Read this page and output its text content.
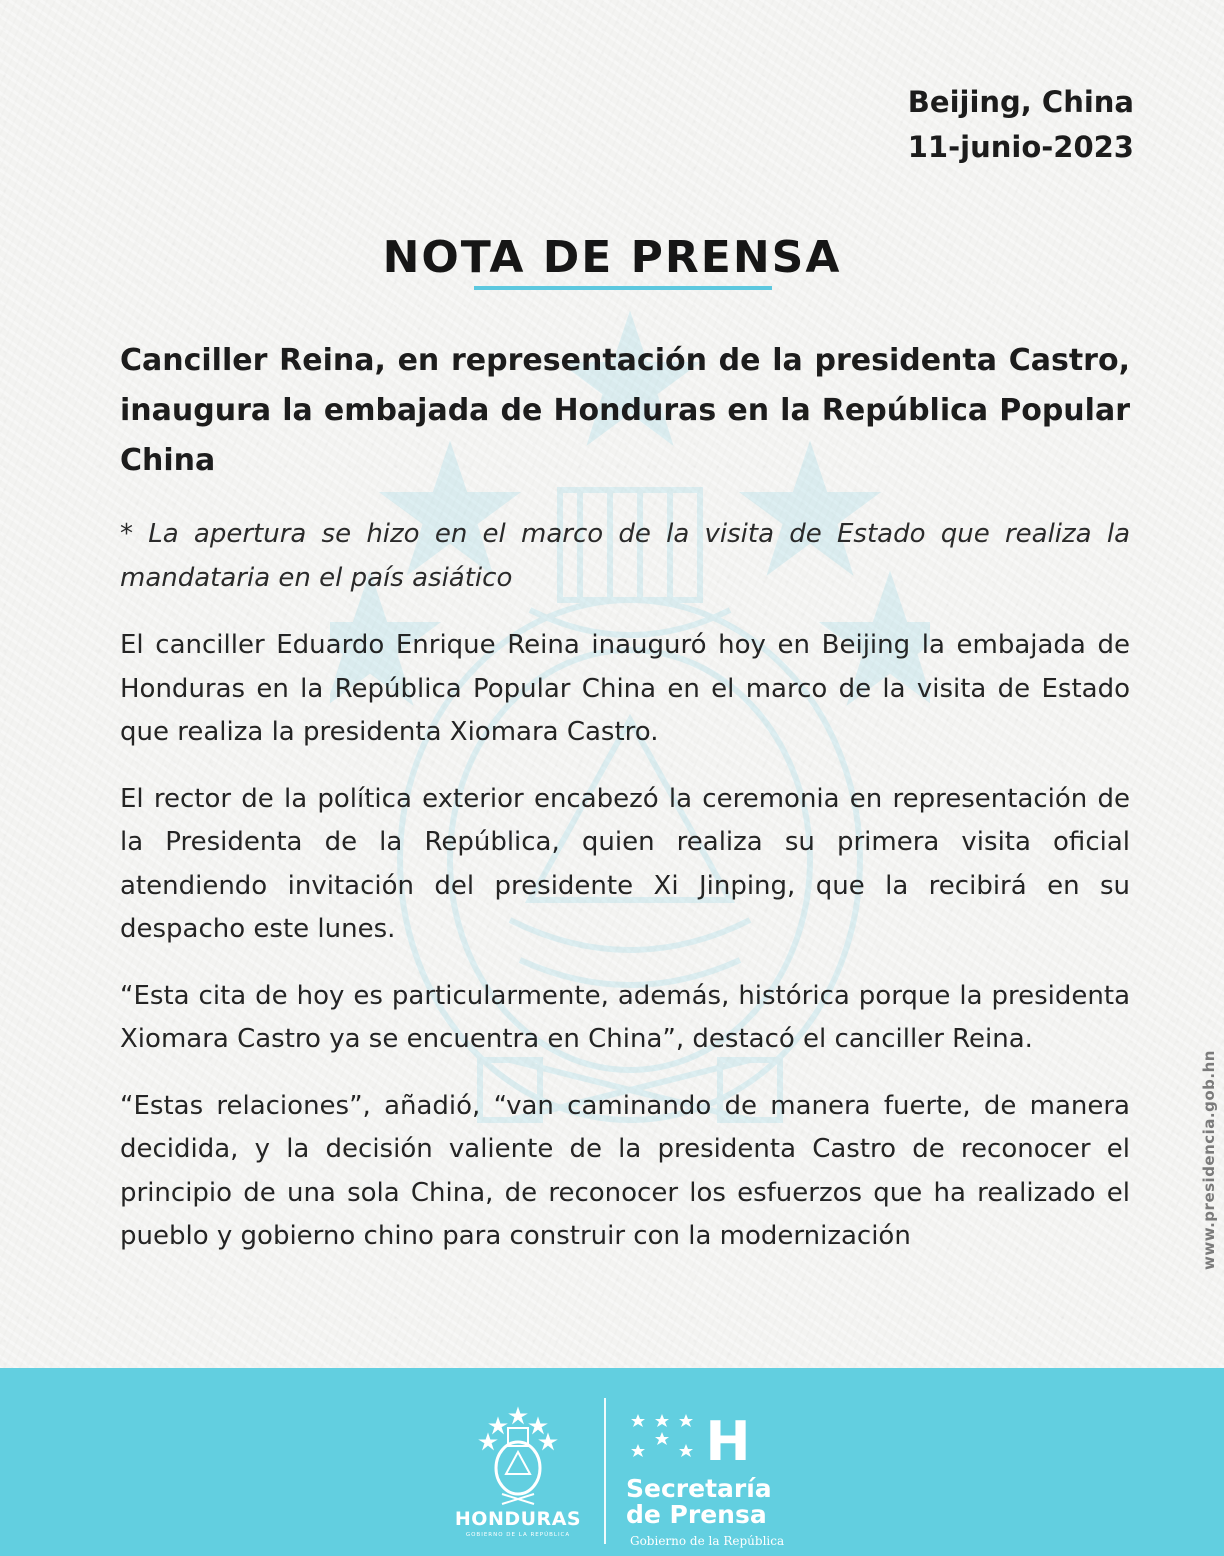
Beijing, China
11-junio-2023
NOTA DE PRENSA
Canciller Reina, en representación de la presidenta Castro, inaugura la embajada de Honduras en la República Popular China
* La apertura se hizo en el marco de la visita de Estado que realiza la mandataria en el país asiático
El canciller Eduardo Enrique Reina inauguró hoy en Beijing la embajada de Honduras en la República Popular China en el marco de la visita de Estado que realiza la presidenta Xiomara Castro.
El rector de la política exterior encabezó la ceremonia en representación de la Presidenta de la República, quien realiza su primera visita oficial atendiendo invitación del presidente Xi Jinping, que la recibirá en su despacho este lunes.
“Esta cita de hoy es particularmente, además, histórica porque la presidenta Xiomara Castro ya se encuentra en China”, destacó el canciller Reina.
“Estas relaciones”, añadió, “van caminando de manera fuerte, de manera decidida, y la decisión valiente de la presidenta Castro de reconocer el principio de una sola China, de reconocer los esfuerzos que ha realizado el pueblo y gobierno chino para construir con la modernización	www.presidencia.gob.hn
HONDURAS
GOBIERNO DE LA REPÚBLICA
H
Secretaría
de Prensa
Gobierno de la República
